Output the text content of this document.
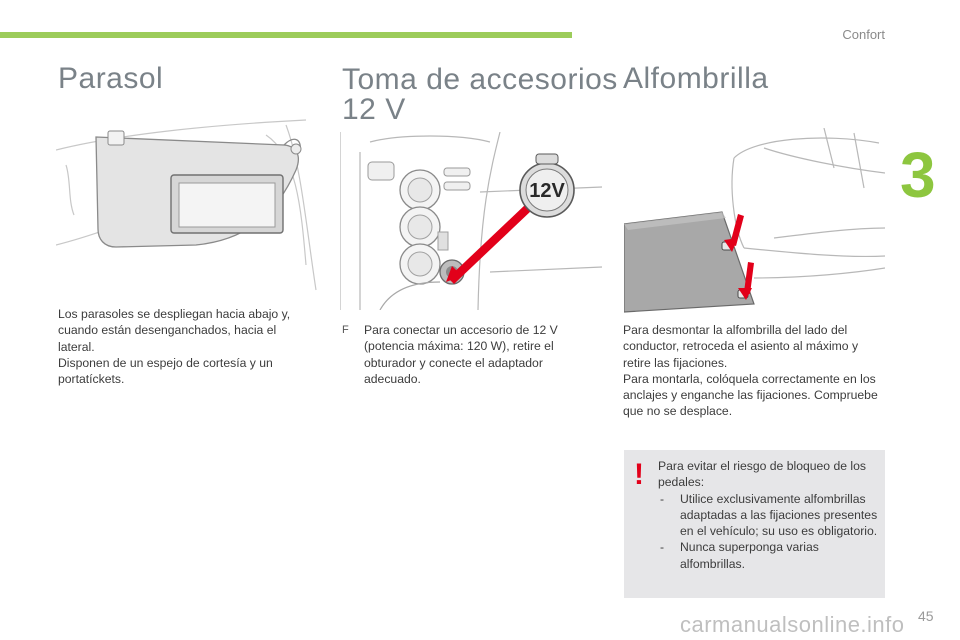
Confort
3
Parasol

Los parasoles se despliegan hacia abajo y, cuando están desenganchados, hacia el lateral.

Disponen de un espejo de cortesía y un portatíckets.

Toma de accesorios
12 V
12V
F Para conectar un accesorio de 12 V (potencia máxima: 120 W), retire el obturador y conecte el adaptador adecuado.
Alfombrilla

Para desmontar la alfombrilla del lado del conductor, retroceda el asiento al máximo y retire las fijaciones.

Para montarla, colóquela correctamente en los anclajes y enganche las fijaciones. Compruebe que no se desplace.

! Para evitar el riesgo de bloqueo de los pedales:

- Utilice exclusivamente alfombrillas adaptadas a las fijaciones presentes en el vehículo; su uso es obligatorio.
- Nunca superponga varias alfombrillas.
carmanualsonline.info 45
